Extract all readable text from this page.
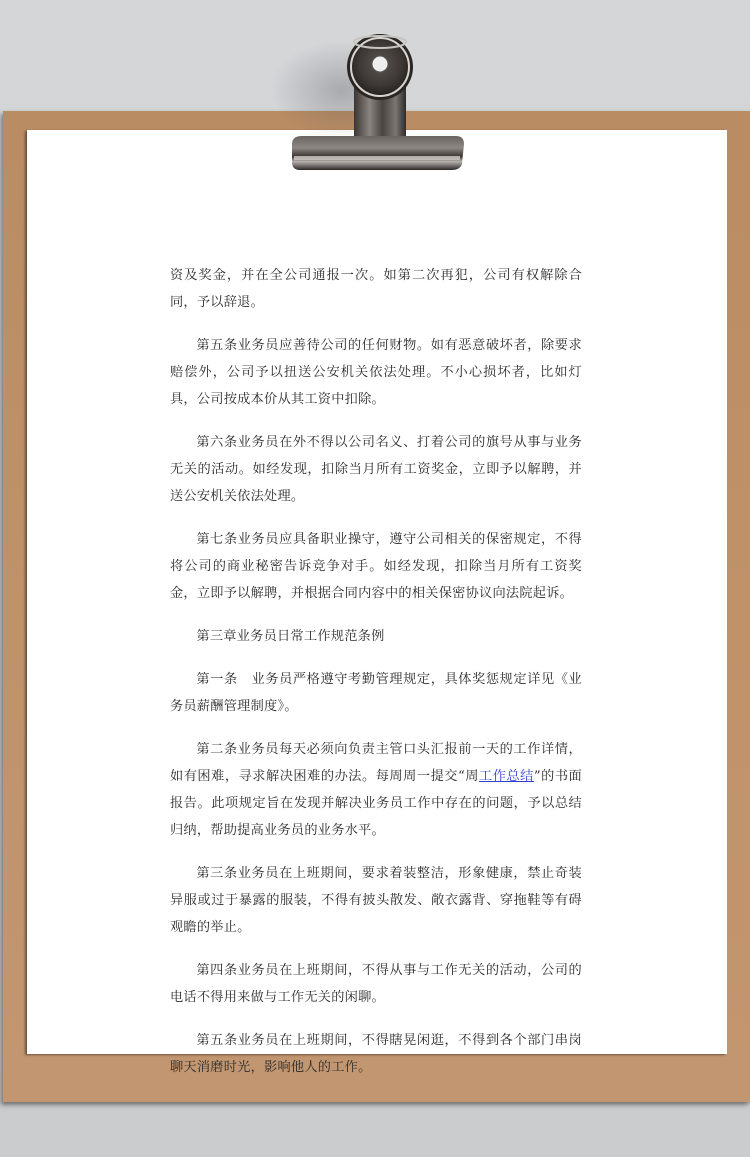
资及奖金，并在全公司通报一次。如第二次再犯，公司有权解除合同，予以辞退。

第五条业务员应善待公司的任何财物。如有恶意破坏者，除要求赔偿外，公司予以扭送公安机关依法处理。不小心损坏者，比如灯具，公司按成本价从其工资中扣除。

第六条业务员在外不得以公司名义、打着公司的旗号从事与业务无关的活动。如经发现，扣除当月所有工资奖金，立即予以解聘，并送公安机关依法处理。

第七条业务员应具备职业操守，遵守公司相关的保密规定，不得将公司的商业秘密告诉竞争对手。如经发现，扣除当月所有工资奖金，立即予以解聘，并根据合同内容中的相关保密协议向法院起诉。

第三章业务员日常工作规范条例

第一条　业务员严格遵守考勤管理规定，具体奖惩规定详见《业务员薪酬管理制度》。

第二条业务员每天必须向负责主管口头汇报前一天的工作详情，如有困难，寻求解决困难的办法。每周周一提交“周工作总结”的书面报告。此项规定旨在发现并解决业务员工作中存在的问题，予以总结归纳，帮助提高业务员的业务水平。

第三条业务员在上班期间，要求着装整洁，形象健康，禁止奇装异服或过于暴露的服装，不得有披头散发、敞衣露背、穿拖鞋等有碍观瞻的举止。

第四条业务员在上班期间，不得从事与工作无关的活动，公司的电话不得用来做与工作无关的闲聊。

第五条业务员在上班期间，不得瞎晃闲逛，不得到各个部门串岗聊天消磨时光，影响他人的工作。
